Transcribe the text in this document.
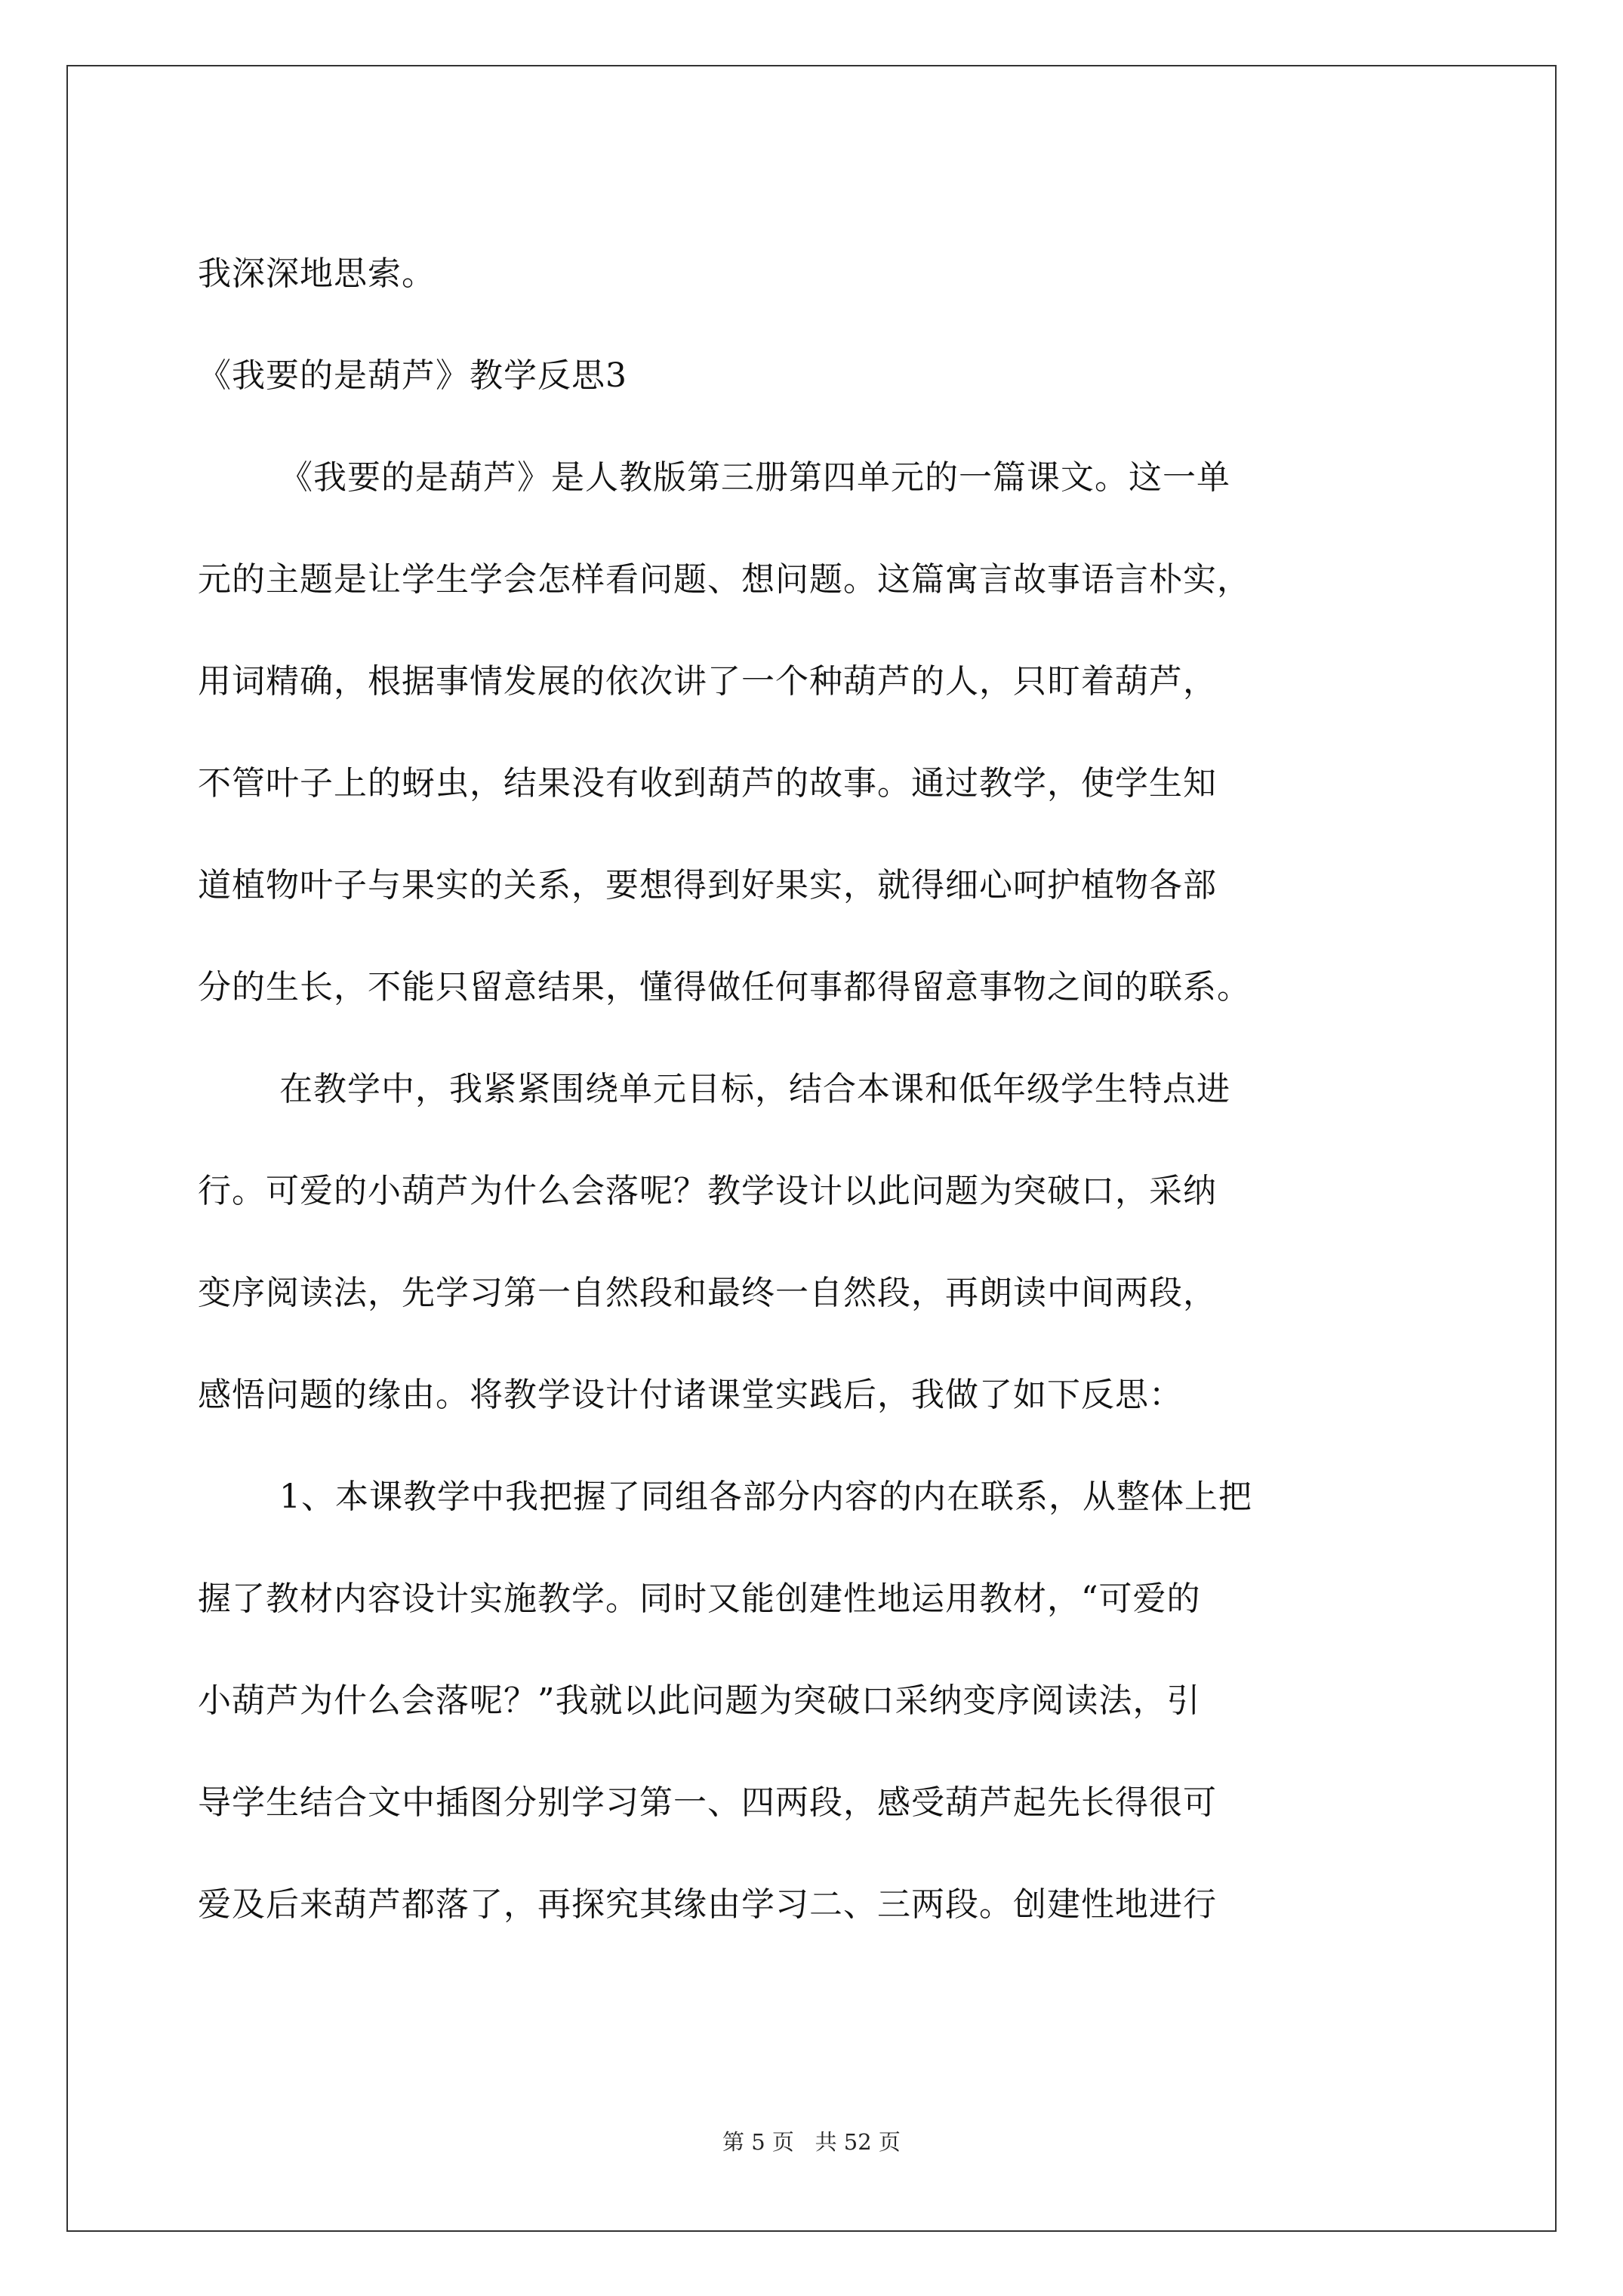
我深深地思索。
《我要的是葫芦》教学反思3
《我要的是葫芦》是人教版第三册第四单元的一篇课文。这一单
元的主题是让学生学会怎样看问题、想问题。这篇寓言故事语言朴实，
用词精确，根据事情发展的依次讲了一个种葫芦的人，只盯着葫芦，
不管叶子上的蚜虫，结果没有收到葫芦的故事。通过教学，使学生知
道植物叶子与果实的关系，要想得到好果实，就得细心呵护植物各部
分的生长，不能只留意结果，懂得做任何事都得留意事物之间的联系。
在教学中，我紧紧围绕单元目标，结合本课和低年级学生特点进
行。可爱的小葫芦为什么会落呢？教学设计以此问题为突破口，采纳
变序阅读法，先学习第一自然段和最终一自然段，再朗读中间两段，
感悟问题的缘由。将教学设计付诸课堂实践后，我做了如下反思：
1、本课教学中我把握了同组各部分内容的内在联系，从整体上把
握了教材内容设计实施教学。同时又能创建性地运用教材，“可爱的
小葫芦为什么会落呢？”我就以此问题为突破口采纳变序阅读法，引
导学生结合文中插图分别学习第一、四两段，感受葫芦起先长得很可
爱及后来葫芦都落了，再探究其缘由学习二、三两段。创建性地进行
第 5 页   共 52 页
